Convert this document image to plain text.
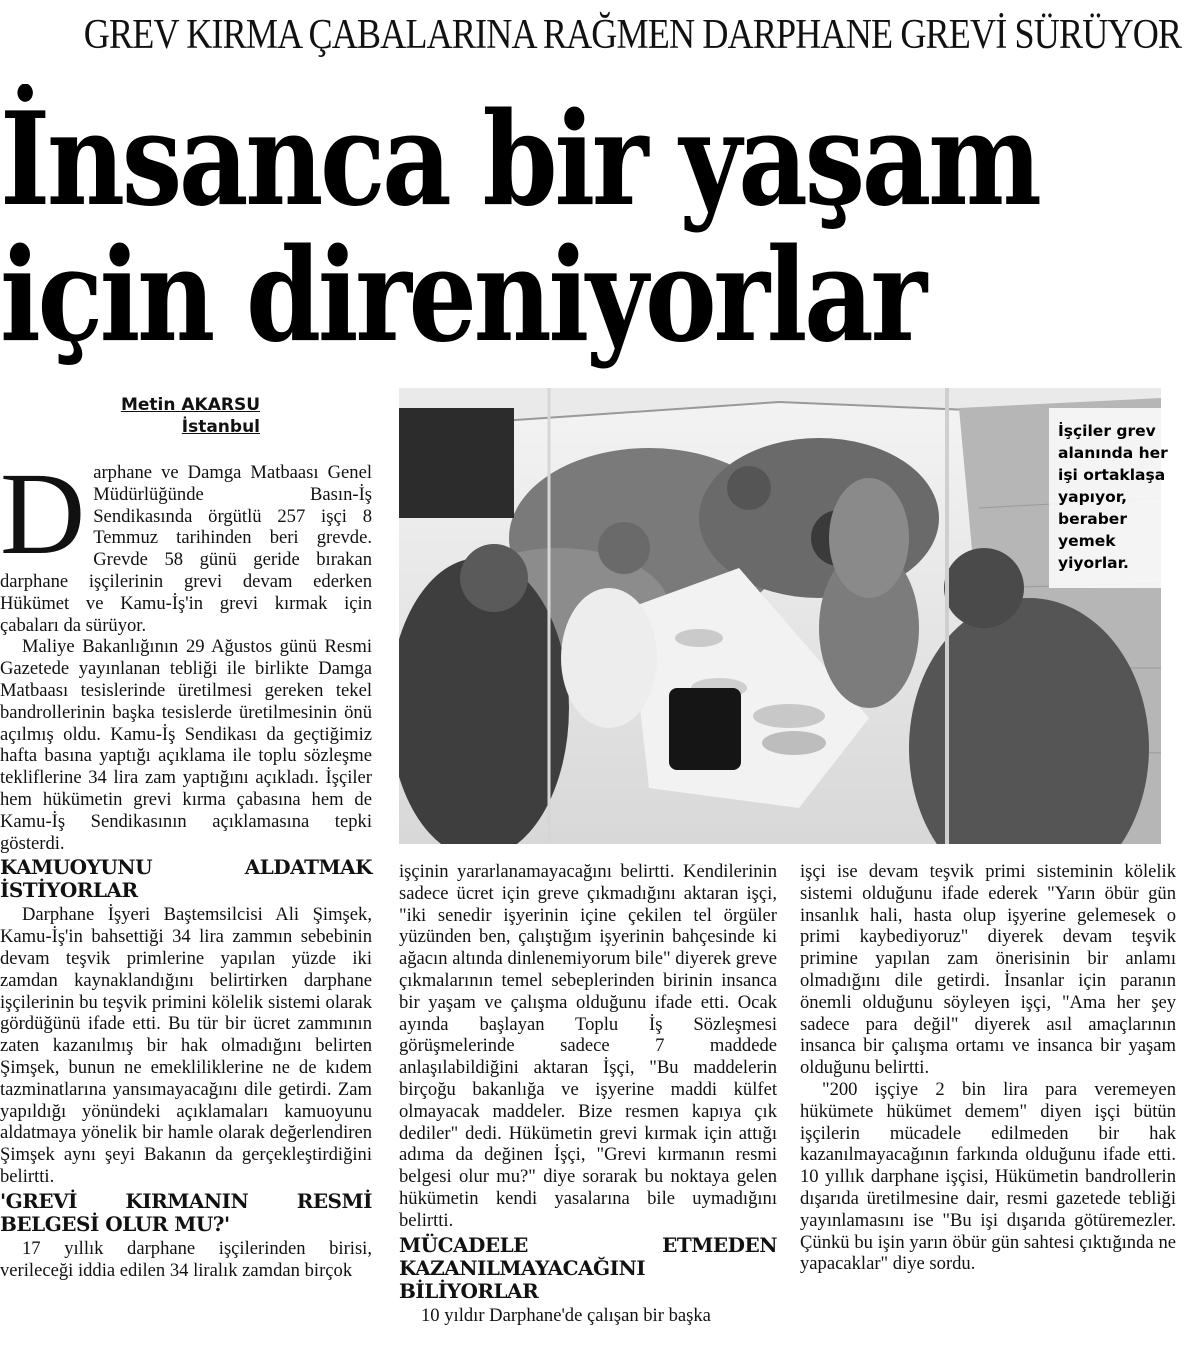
GREV KIRMA ÇABALARINA RAĞMEN DARPHANE GREVİ SÜRÜYOR
İnsanca bir yaşam
için direniyorlar
Metin AKARSU
İstanbul

D arphane ve Damga Matbaası Genel Müdürlüğünde Basın-İş Sendikasında örgütlü 257 işçi 8 Temmuz tarihinden beri grevde. Grevde 58 günü geride bırakan darphane işçilerinin grevi devam ederken Hükümet ve Kamu-İş'in grevi kırmak için çabaları da sürüyor.

Maliye Bakanlığının 29 Ağustos günü Resmi Gazetede yayınlanan tebliği ile birlikte Damga Matbaası tesislerinde üretilmesi gereken tekel bandrollerinin başka tesislerde üretilmesinin önü açılmış oldu. Kamu-İş Sendikası da geçtiğimiz hafta basına yaptığı açıklama ile toplu sözleşme tekliflerine 34 lira zam yaptığını açıkladı. İşçiler hem hükümetin grevi kırma çabasına hem de Kamu-İş Sendikasının açıklamasına tepki gösterdi.

KAMUOYUNU ALDATMAK İSTİYORLAR

Darphane İşyeri Baştemsilcisi Ali Şimşek, Kamu-İş'in bahsettiği 34 lira zammın sebebinin devam teşvik primlerine yapılan yüzde iki zamdan kaynaklandığını belirtirken darphane işçilerinin bu teşvik primini kölelik sistemi olarak gördüğünü ifade etti. Bu tür bir ücret zammının zaten kazanılmış bir hak olmadığını belirten Şimşek, bunun ne emekliliklerine ne de kıdem tazminatlarına yansımayacağını dile getirdi. Zam yapıldığı yönündeki açıklamaları kamuoyunu aldatmaya yönelik bir hamle olarak değerlendiren Şimşek aynı şeyi Bakanın da gerçekleştirdiğini belirtti.

'GREVİ KIRMANIN RESMİ BELGESİ OLUR MU?'

17 yıllık darphane işçilerinden birisi, verileceği iddia edilen 34 liralık zamdan birçok

İşçiler grev alanında her işi ortaklaşa yapıyor, beraber yemek yiyorlar.

işçinin yararlanamayacağını belirtti. Kendilerinin sadece ücret için greve çıkmadığını aktaran işçi, "iki senedir işyerinin içine çekilen tel örgüler yüzünden ben, çalıştığım işyerinin bahçesinde ki ağacın altında dinlenemiyorum bile" diyerek greve çıkmalarının temel sebeplerinden birinin insanca bir yaşam ve çalışma olduğunu ifade etti. Ocak ayında başlayan Toplu İş Sözleşmesi görüşmelerinde sadece 7 maddede anlaşılabildiğini aktaran İşçi, "Bu maddelerin birçoğu bakanlığa ve işyerine maddi külfet olmayacak maddeler. Bize resmen kapıya çık dediler" dedi. Hükümetin grevi kırmak için attığı adıma da değinen İşçi, "Grevi kırmanın resmi belgesi olur mu?" diye sorarak bu noktaya gelen hükümetin kendi yasalarına bile uymadığını belirtti.

MÜCADELE ETMEDEN KAZANILMAYACAĞINI BİLİYORLAR

10 yıldır Darphane'de çalışan bir başka

işçi ise devam teşvik primi sisteminin kölelik sistemi olduğunu ifade ederek "Yarın öbür gün insanlık hali, hasta olup işyerine gelemesek o primi kaybediyoruz" diyerek devam teşvik primine yapılan zam önerisinin bir anlamı olmadığını dile getirdi. İnsanlar için paranın önemli olduğunu söyleyen işçi, "Ama her şey sadece para değil" diyerek asıl amaçlarının insanca bir çalışma ortamı ve insanca bir yaşam olduğunu belirtti.

"200 işçiye 2 bin lira para veremeyen hükümete hükümet demem" diyen işçi bütün işçilerin mücadele edilmeden bir hak kazanılmayacağının farkında olduğunu ifade etti. 10 yıllık darphane işçisi, Hükümetin bandrollerin dışarıda üretilmesine dair, resmi gazetede tebliği yayınlamasını ise "Bu işi dışarıda götüremezler. Çünkü bu işin yarın öbür gün sahtesi çıktığında ne yapacaklar" diye sordu.
